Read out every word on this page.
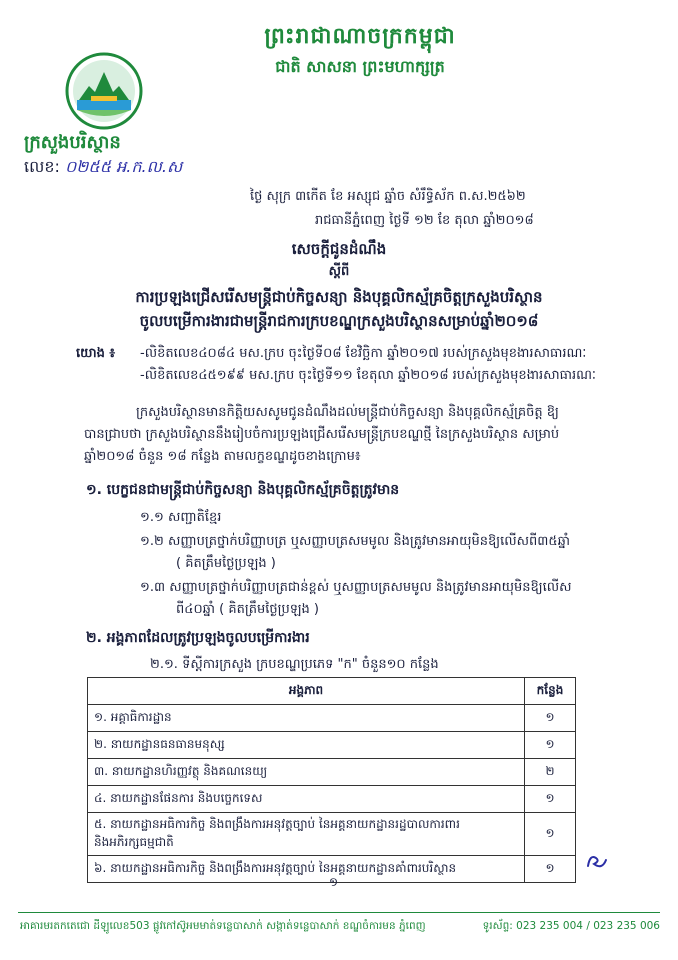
ព្រះរាជាណាចក្រកម្ពុជា
ជាតិ សាសនា ព្រះមហាក្សត្រ
ក្រសួងបរិស្ថាន
លេខ: ០២៥៥ អ.ក.ល.ស
ថ្ងៃ សុក្រ ៣កើត ខែ អស្សុជ ឆ្នាំច សំរឹទ្ធិស័ក ព.ស.២៥៦២
រាជធានីភ្នំពេញ ថ្ងៃទី ១២ ខែ តុលា ឆ្នាំ២០១៨
សេចក្តីជូនដំណឹង
ស្តីពី
ការប្រឡងជ្រើសរើសមន្ត្រីជាប់កិច្ចសន្យា និងបុគ្គលិកស្ម័គ្រចិត្តក្រសួងបរិស្ថាន
ចូលបម្រើការងារជាមន្ត្រីរាជការក្របខណ្ឌក្រសួងបរិស្ថានសម្រាប់ឆ្នាំ២០១៨
យោង ៖ -លិខិតលេខ៤០៨៤ មស.ក្រប ចុះថ្ងៃទី០៨ ខែវិច្ឆិកា ឆ្នាំ២០១៧ របស់ក្រសួងមុខងារសាធារណៈ
-លិខិតលេខ៤៥១៩៩ មស.ក្រប ចុះថ្ងៃទី១១ ខែតុលា ឆ្នាំ២០១៨ របស់ក្រសួងមុខងារសាធារណៈ
ក្រសួងបរិស្ថានមានកិត្តិយសសូមជូនដំណឹងដល់មន្ត្រីជាប់កិច្ចសន្យា និងបុគ្គលិកស្ម័គ្រចិត្ត ឱ្យ
បានជ្រាបថា ក្រសួងបរិស្ថាននឹងរៀបចំការប្រឡងជ្រើសរើសមន្ត្រីក្របខណ្ឌថ្មី នៃក្រសួងបរិស្ថាន សម្រាប់
ឆ្នាំ២០១៨ ចំនួន ១៨ កន្លែង តាមលក្ខខណ្ឌដូចខាងក្រោម៖
១. បេក្ខជនជាមន្ត្រីជាប់កិច្ចសន្យា និងបុគ្គលិកស្ម័គ្រចិត្តត្រូវមាន
១.១ សញ្ជាតិខ្មែរ
១.២ សញ្ញាបត្រថ្នាក់បរិញ្ញាបត្រ ឬសញ្ញាបត្រសមមូល និងត្រូវមានអាយុមិនឱ្យលើសពី៣៥ឆ្នាំ
( គិតត្រឹមថ្ងៃប្រឡង )
១.៣ សញ្ញាបត្រថ្នាក់បរិញ្ញាបត្រជាន់ខ្ពស់ ឬសញ្ញាបត្រសមមូល និងត្រូវមានអាយុមិនឱ្យលើស
ពី៤០ឆ្នាំ ( គិតត្រឹមថ្ងៃប្រឡង )
២. អង្គភាពដែលត្រូវប្រឡងចូលបម្រើការងារ
២.១. ទីស្តីការក្រសួង ក្របខណ្ឌប្រភេទ "ក" ចំនួន១០ កន្លែង
អង្គភាព	កន្លែង
១. អគ្គាធិការដ្ឋាន	១
២. នាយកដ្ឋានធនធានមនុស្ស	១
៣. នាយកដ្ឋានហិរញ្ញវត្ថុ និងគណនេយ្យ	២
៤. នាយកដ្ឋានផែនការ និងបច្ចេកទេស	១

៥. នាយកដ្ឋានអធិការកិច្ច និងពង្រឹងការអនុវត្តច្បាប់ នៃអគ្គនាយកដ្ឋានរដ្ឋបាលការពារ
និងអភិរក្សធម្មជាតិ	១
៦. នាយកដ្ឋានអធិការកិច្ច និងពង្រឹងការអនុវត្តច្បាប់ នៃអគ្គនាយកដ្ឋានគាំពារបរិស្ថាន	១
១
អាគារមរតកតេជោ ដីឡូលេខ503 ផ្លូវកៅស៊ូអមមាត់ទន្លេបាសាក់ សង្កាត់ទន្លេបាសាក់ ខណ្ឌចំការមន ភ្នំពេញ	ទូរស័ព្ទ: 023 235 004 / 023 235 006
